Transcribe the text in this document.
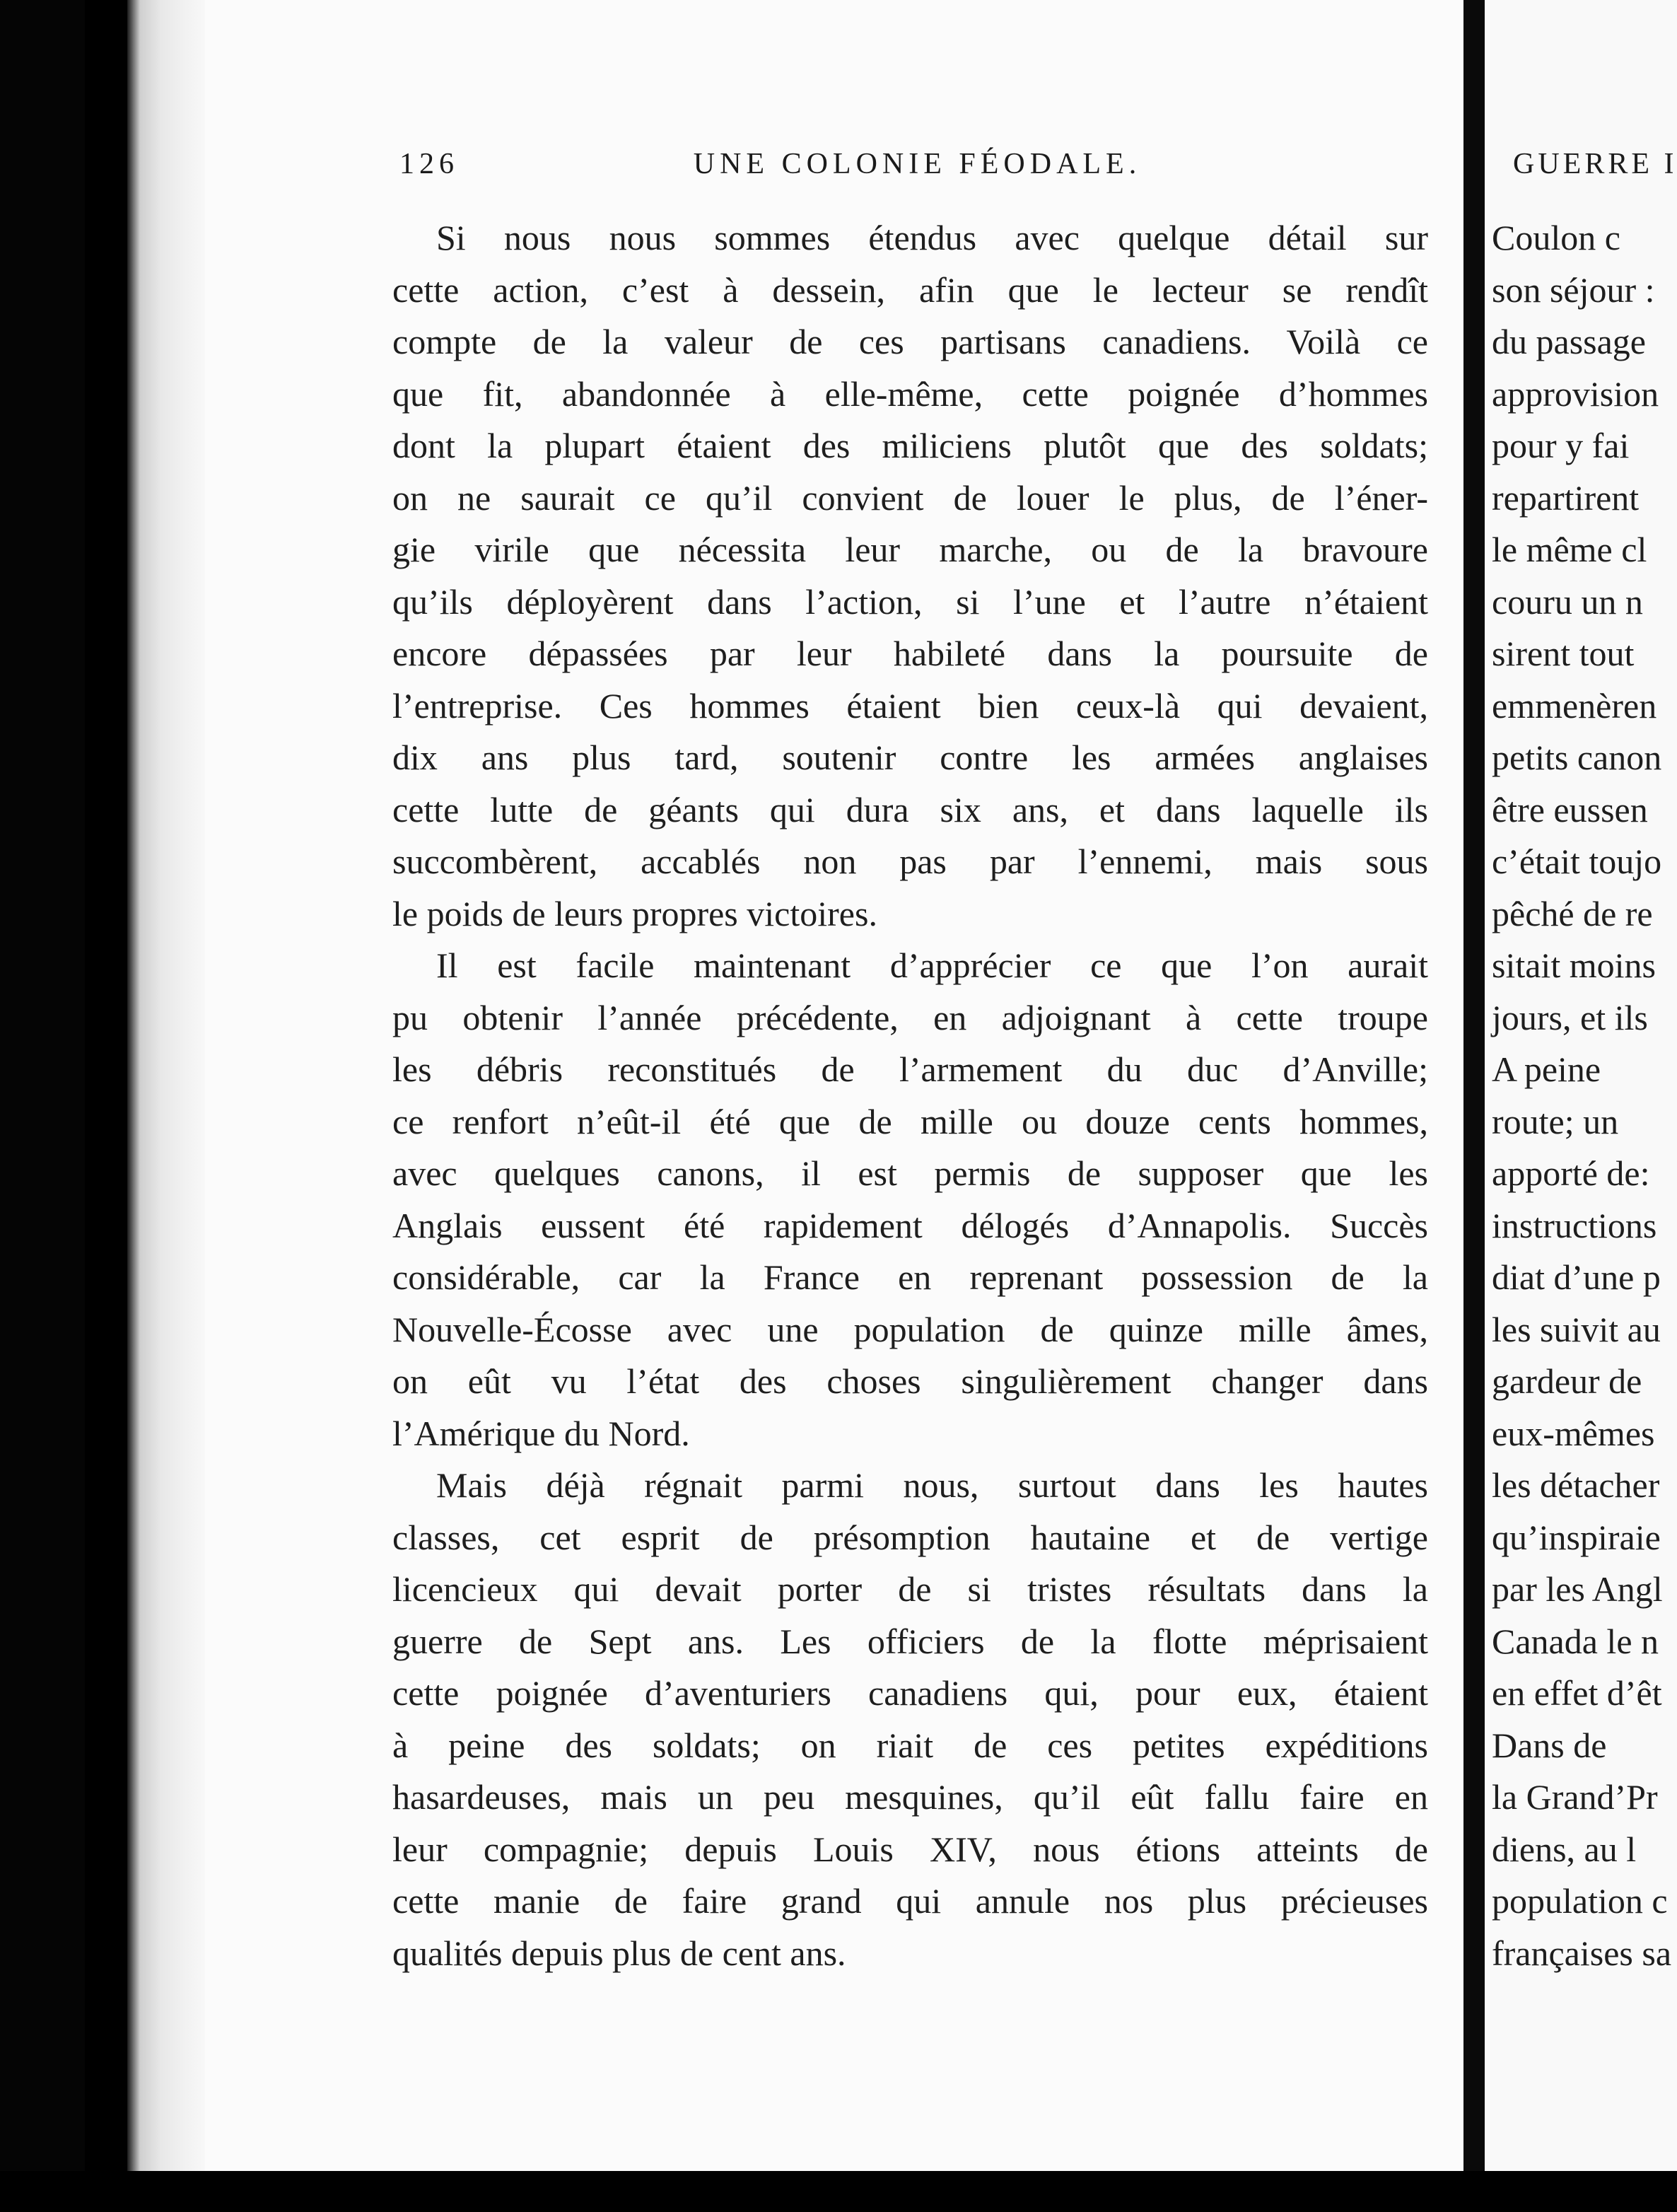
126	UNE COLONIE FÉODALE.

Si nous nous sommes étendus avec quelque détail sur

cette action, c’est à dessein, afin que le lecteur se rendît

compte de la valeur de ces partisans canadiens. Voilà ce

que fit, abandonnée à elle-même, cette poignée d’hommes

dont la plupart étaient des miliciens plutôt que des soldats;

on ne saurait ce qu’il convient de louer le plus, de l’éner-

gie virile que nécessita leur marche, ou de la bravoure

qu’ils déployèrent dans l’action, si l’une et l’autre n’étaient

encore dépassées par leur habileté dans la poursuite de

l’entreprise. Ces hommes étaient bien ceux-là qui devaient,

dix ans plus tard, soutenir contre les armées anglaises

cette lutte de géants qui dura six ans, et dans laquelle ils

succombèrent, accablés non pas par l’ennemi, mais sous

le poids de leurs propres victoires.

Il est facile maintenant d’apprécier ce que l’on aurait

pu obtenir l’année précédente, en adjoignant à cette troupe

les débris reconstitués de l’armement du duc d’Anville;

ce renfort n’eût-il été que de mille ou douze cents hommes,

avec quelques canons, il est permis de supposer que les

Anglais eussent été rapidement délogés d’Annapolis. Succès

considérable, car la France en reprenant possession de la

Nouvelle-Écosse avec une population de quinze mille âmes,

on eût vu l’état des choses singulièrement changer dans

l’Amérique du Nord.

Mais déjà régnait parmi nous, surtout dans les hautes

classes, cet esprit de présomption hautaine et de vertige

licencieux qui devait porter de si tristes résultats dans la

guerre de Sept ans. Les officiers de la flotte méprisaient

cette poignée d’aventuriers canadiens qui, pour eux, étaient

à peine des soldats; on riait de ces petites expéditions

hasardeuses, mais un peu mesquines, qu’il eût fallu faire en

leur compagnie; depuis Louis XIV, nous étions atteints de

cette manie de faire grand qui annule nos plus précieuses

qualités depuis plus de cent ans.

GUERRE I
Coulon c
son séjour :
du passage
approvision
pour y fai
repartirent
le même cl
couru un n
sirent tout
emmenèren
petits canon
être eussen
c’était toujo
pêché de re
sitait moins
jours, et ils
A peine
route; un
apporté de:
instructions
diat d’une p
les suivit au
gardeur de
eux-mêmes
les détacher
qu’inspiraie
par les Angl
Canada le n
en effet d’êt
Dans de
la Grand’Pr
diens, au l
population c
françaises sa
